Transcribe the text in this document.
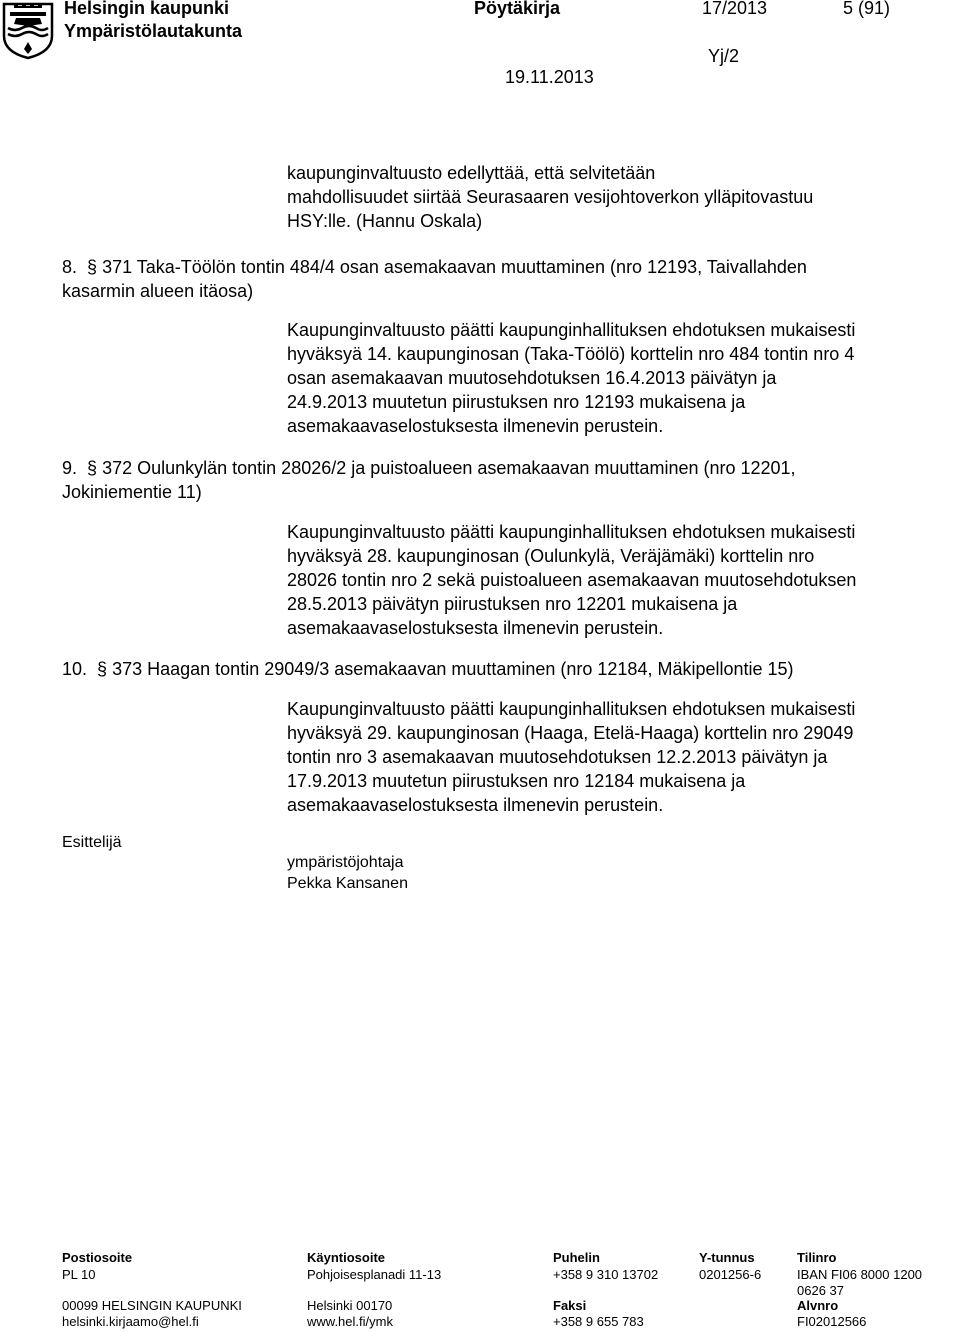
Helsingin kaupunki
Ympäristölautakunta
Pöytäkirja	17/2013	5 (91)
Yj/2
19.11.2013
kaupunginvaltuusto edellyttää, että selvitetään
mahdollisuudet siirtää Seurasaaren vesijohtoverkon ylläpitovastuu
HSY:lle. (Hannu Oskala)
8. § 371 Taka-Töölön tontin 484/4 osan asemakaavan muuttaminen (nro 12193, Taivallahden
kasarmin alueen itäosa)
Kaupunginvaltuusto päätti kaupunginhallituksen ehdotuksen mukaisesti
hyväksyä 14. kaupunginosan (Taka-Töölö) korttelin nro 484 tontin nro 4
osan asemakaavan muutosehdotuksen 16.4.2013 päivätyn ja
24.9.2013 muutetun piirustuksen nro 12193 mukaisena ja
asemakaavaselostuksesta ilmenevin perustein.
9. § 372 Oulunkylän tontin 28026/2 ja puistoalueen asemakaavan muuttaminen (nro 12201,
Jokiniementie 11)
Kaupunginvaltuusto päätti kaupunginhallituksen ehdotuksen mukaisesti
hyväksyä 28. kaupunginosan (Oulunkylä, Veräjämäki) korttelin nro
28026 tontin nro 2 sekä puistoalueen asemakaavan muutosehdotuksen
28.5.2013 päivätyn piirustuksen nro 12201 mukaisena ja
asemakaavaselostuksesta ilmenevin perustein.
10. § 373 Haagan tontin 29049/3 asemakaavan muuttaminen (nro 12184, Mäkipellontie 15)
Kaupunginvaltuusto päätti kaupunginhallituksen ehdotuksen mukaisesti
hyväksyä 29. kaupunginosan (Haaga, Etelä-Haaga) korttelin nro 29049
tontin nro 3 asemakaavan muutosehdotuksen 12.2.2013 päivätyn ja
17.9.2013 muutetun piirustuksen nro 12184 mukaisena ja
asemakaavaselostuksesta ilmenevin perustein.
Esittelijä
ympäristöjohtaja
Pekka Kansanen
Postiosoite
PL 10
00099 HELSINGIN KAUPUNKI
helsinki.kirjaamo@hel.fi
Käyntiosoite
Pohjoisesplanadi 11-13
Helsinki 00170
www.hel.fi/ymk
Puhelin
+358 9 310 13702
Faksi
+358 9 655 783
Y-tunnus
0201256-6
Tilinro
IBAN FI06 8000 1200
0626 37
Alvnro
FI02012566
